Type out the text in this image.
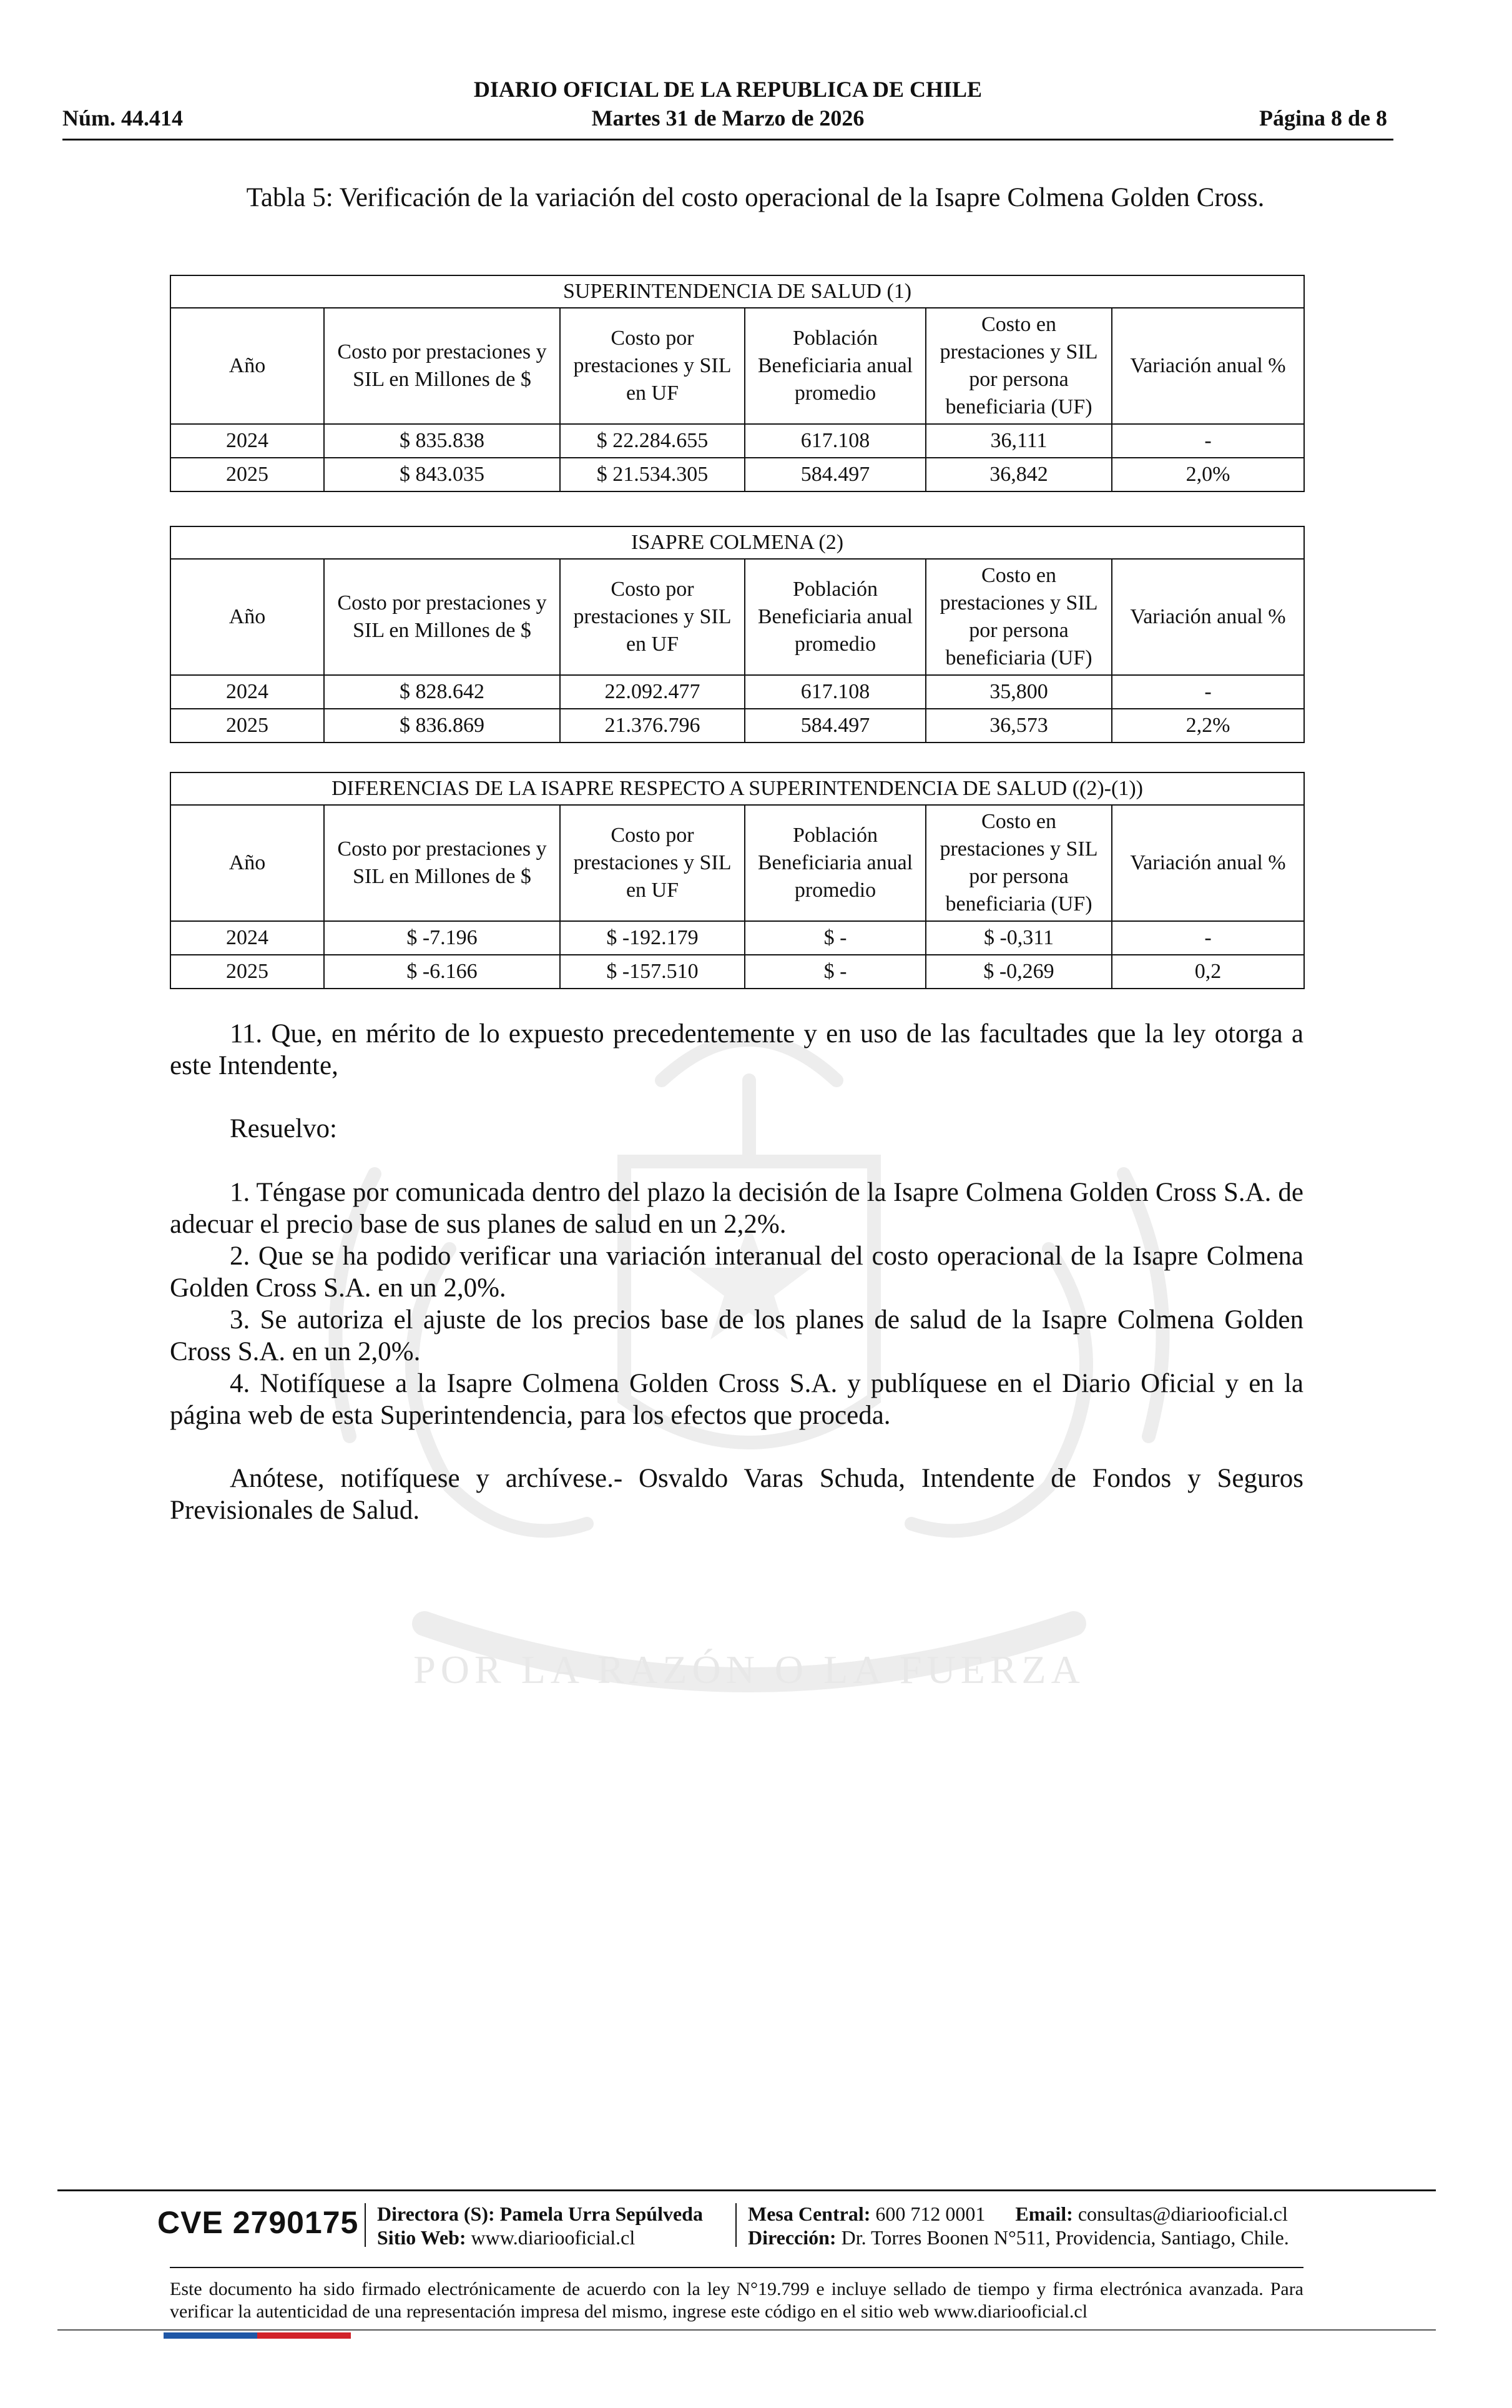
POR LA RAZÓN O LA FUERZA
DIARIO OFICIAL DE LA REPUBLICA DE CHILE
Núm. 44.414	Martes 31 de Marzo de 2026	Página 8 de 8
Tabla 5: Verificación de la variación del costo operacional de la Isapre Colmena Golden Cross.
SUPERINTENDENCIA DE SALUD (1)					
Año	Costo por prestaciones y SIL en Millones de $	Costo por prestaciones y SIL en UF	Población Beneficiaria anual promedio	Costo en prestaciones y SIL por persona beneficiaria (UF)	Variación anual %
2024	$ 835.838	$ 22.284.655	617.108	36,111	-
2025	$ 843.035	$ 21.534.305	584.497	36,842	2,0%
ISAPRE COLMENA (2)					
Año	Costo por prestaciones y SIL en Millones de $	Costo por prestaciones y SIL en UF	Población Beneficiaria anual promedio	Costo en prestaciones y SIL por persona beneficiaria (UF)	Variación anual %
2024	$ 828.642	22.092.477	617.108	35,800	-
2025	$ 836.869	21.376.796	584.497	36,573	2,2%
DIFERENCIAS DE LA ISAPRE RESPECTO A SUPERINTENDENCIA DE SALUD ((2)-(1))					
Año	Costo por prestaciones y SIL en Millones de $	Costo por prestaciones y SIL en UF	Población Beneficiaria anual promedio	Costo en prestaciones y SIL por persona beneficiaria (UF)	Variación anual %
2024	$ -7.196	$ -192.179	$ -	$ -0,311	-
2025	$ -6.166	$ -157.510	$ -	$ -0,269	0,2
11. Que, en mérito de lo expuesto precedentemente y en uso de las facultades que la ley otorga a este Intendente,
Resuelvo:
1. Téngase por comunicada dentro del plazo la decisión de la Isapre Colmena Golden Cross S.A. de adecuar el precio base de sus planes de salud en un 2,2%.
2. Que se ha podido verificar una variación interanual del costo operacional de la Isapre Colmena Golden Cross S.A. en un 2,0%.
3. Se autoriza el ajuste de los precios base de los planes de salud de la Isapre Colmena Golden Cross S.A. en un 2,0%.
4. Notifíquese a la Isapre Colmena Golden Cross S.A. y publíquese en el Diario Oficial y en la página web de esta Superintendencia, para los efectos que proceda.
Anótese, notifíquese y archívese.- Osvaldo Varas Schuda, Intendente de Fondos y Seguros Previsionales de Salud.
CVE 2790175 Directora (S): Pamela Urra Sepúlveda
Sitio Web: www.diariooficial.cl
Mesa Central: 600 712 0001 Email: consultas@diariooficial.cl
Dirección: Dr. Torres Boonen N°511, Providencia, Santiago, Chile.
Este documento ha sido firmado electrónicamente de acuerdo con la ley N°19.799 e incluye sellado de tiempo y firma electrónica avanzada. Para verificar la autenticidad de una representación impresa del mismo, ingrese este código en el sitio web www.diariooficial.cl
